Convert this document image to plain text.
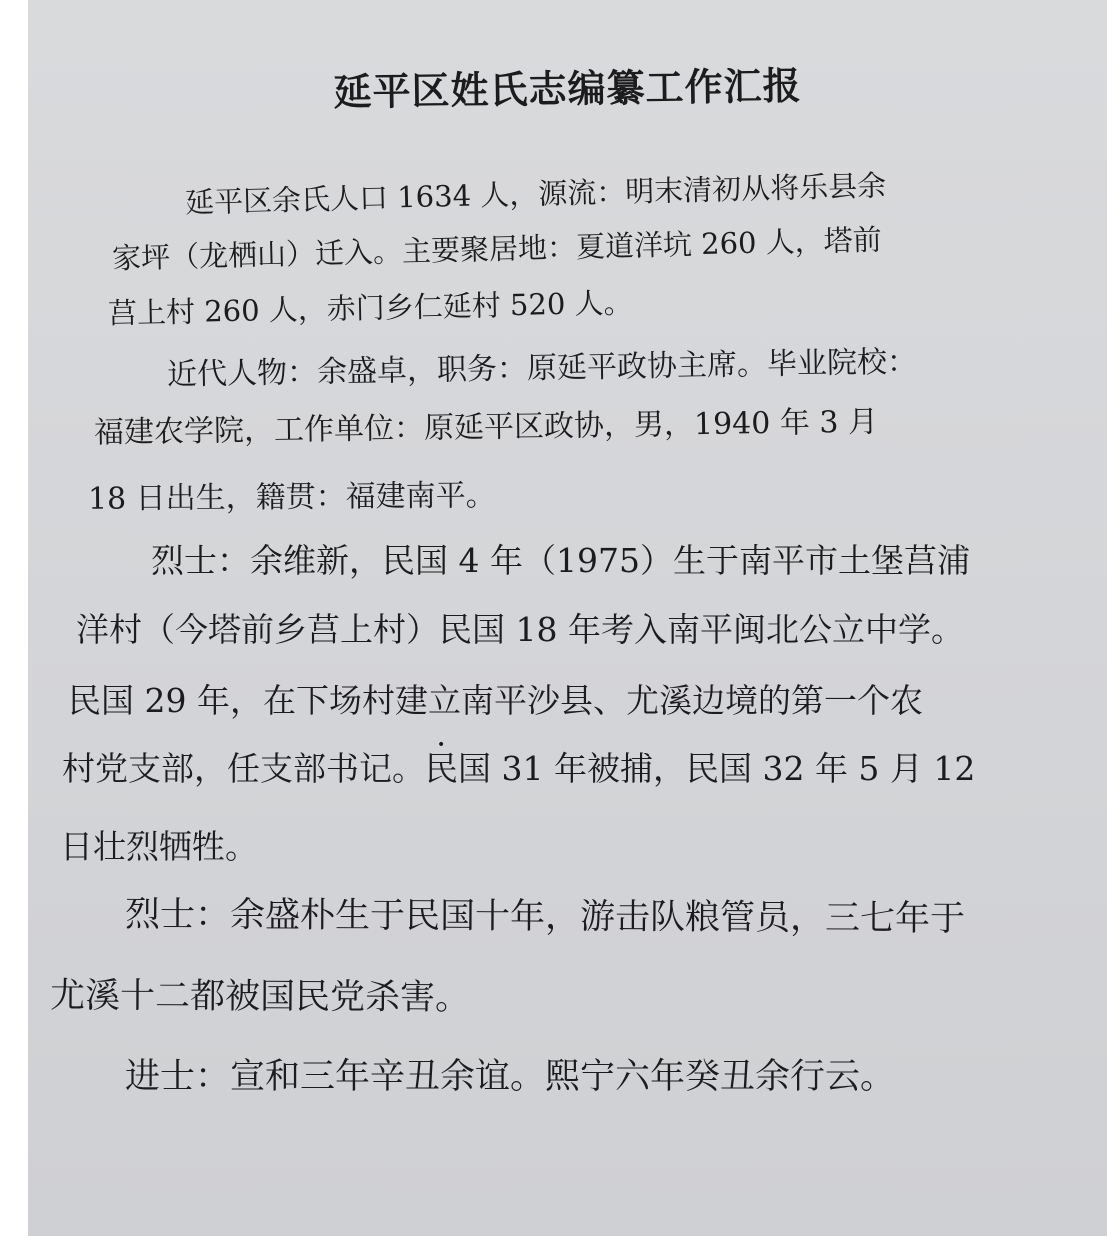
延平区姓氏志编纂工作汇报
延平区余氏人口 1634 人，源流：明末清初从将乐县余
家坪（龙栖山）迁入。主要聚居地：夏道洋坑 260 人，塔前
莒上村 260 人，赤门乡仁延村 520 人。
近代人物：余盛卓，职务：原延平政协主席。毕业院校：
福建农学院，工作单位：原延平区政协，男，1940 年 3 月
18 日出生，籍贯：福建南平。
烈士：余维新，民国 4 年（1975）生于南平市土堡莒浦
洋村（今塔前乡莒上村）民国 18 年考入南平闽北公立中学。
民国 29 年，在下场村建立南平沙县、尤溪边境的第一个农
村党支部，任支部书记。民国 31 年被捕，民国 32 年 5 月 12
日壮烈牺牲。
烈士：余盛朴生于民国十年，游击队粮管员，三七年于
尤溪十二都被国民党杀害。
进士：宣和三年辛丑余谊。熙宁六年癸丑余行云。
•
